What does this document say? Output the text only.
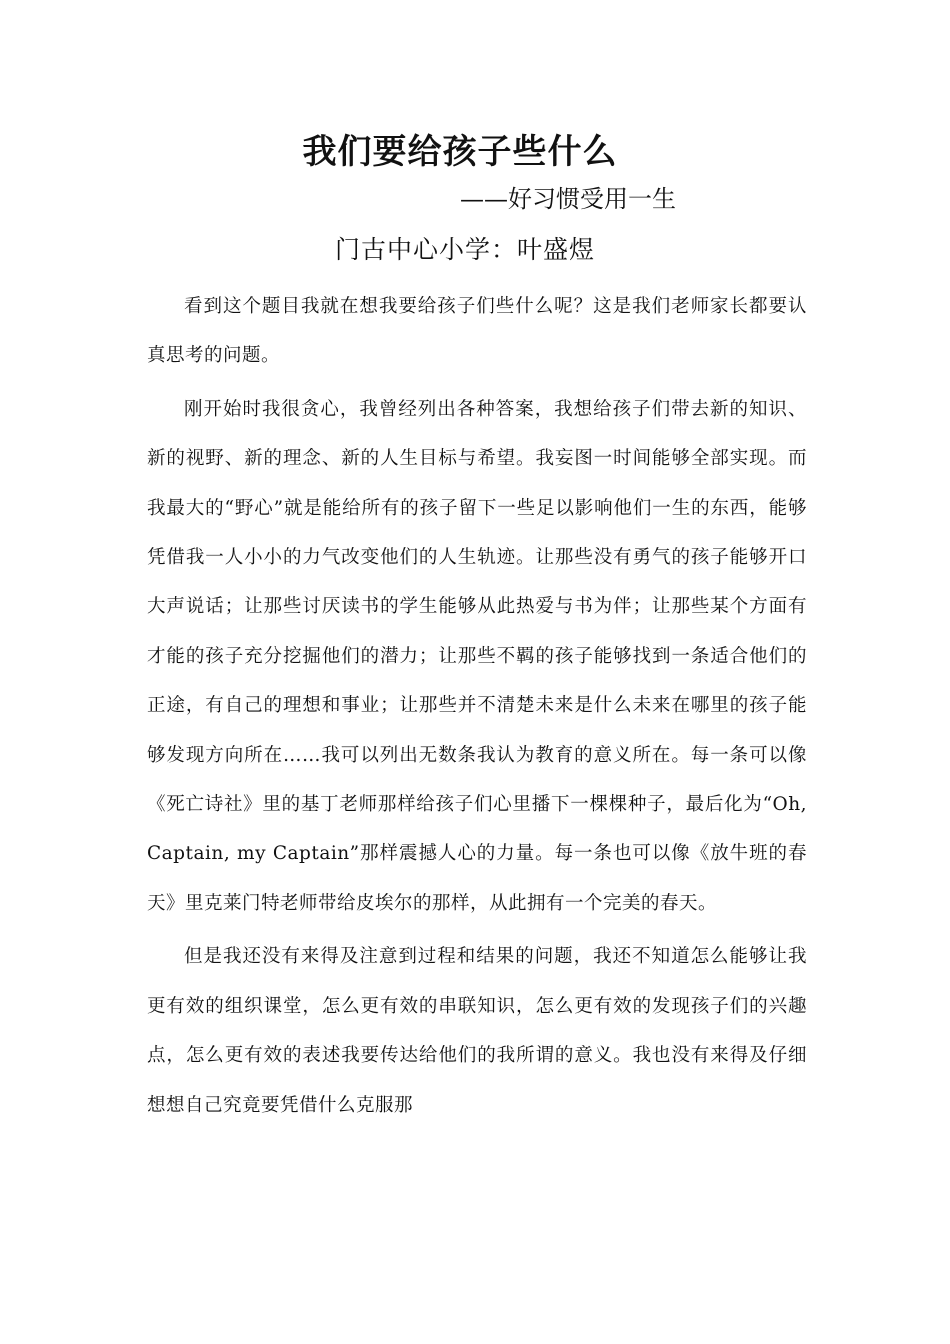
我们要给孩子些什么
——好习惯受用一生
门古中心小学：叶盛煜

看到这个题目我就在想我要给孩子们些什么呢？这是我们老师家长都要认真思考的问题。

刚开始时我很贪心，我曾经列出各种答案，我想给孩子们带去新的知识、新的视野、新的理念、新的人生目标与希望。我妄图一时间能够全部实现。而我最大的“野心”就是能给所有的孩子留下一些足以影响他们一生的东西，能够凭借我一人小小的力气改变他们的人生轨迹。让那些没有勇气的孩子能够开口大声说话；让那些讨厌读书的学生能够从此热爱与书为伴；让那些某个方面有才能的孩子充分挖掘他们的潜力；让那些不羁的孩子能够找到一条适合他们的正途，有自己的理想和事业；让那些并不清楚未来是什么未来在哪里的孩子能够发现方向所在……我可以列出无数条我认为教育的意义所在。每一条可以像《死亡诗社》里的基丁老师那样给孩子们心里播下一棵棵种子，最后化为“Oh, Captain, my Captain”那样震撼人心的力量。每一条也可以像《放牛班的春天》里克莱门特老师带给皮埃尔的那样，从此拥有一个完美的春天。

但是我还没有来得及注意到过程和结果的问题，我还不知道怎么能够让我更有效的组织课堂，怎么更有效的串联知识，怎么更有效的发现孩子们的兴趣点，怎么更有效的表述我要传达给他们的我所谓的意义。我也没有来得及仔细想想自己究竟要凭借什么克服那
